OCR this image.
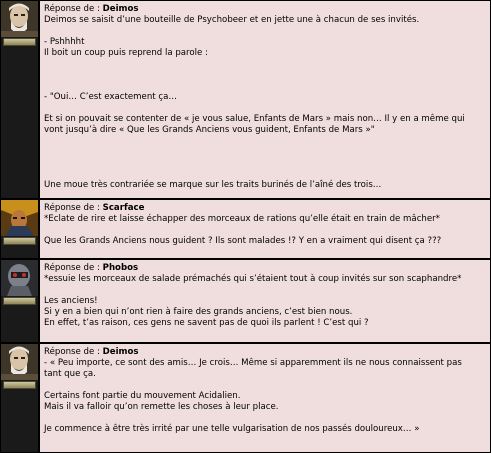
Réponse de : Deimos
Deimos se saisit d’une bouteille de Psychobeer et en jette une à chacun de ses invités.
- Pshhhht
Il boit un coup puis reprend la parole :
- "Oui… C’est exactement ça…
Et si on pouvait se contenter de « je vous salue, Enfants de Mars » mais non… Il y en a même qui
vont jusqu’à dire « Que les Grands Anciens vous guident, Enfants de Mars »"
Une moue très contrariée se marque sur les traits burinés de l’aîné des trois…
Réponse de : Scarface
*Eclate de rire et laisse échapper des morceaux de rations qu’elle était en train de mâcher*
Que les Grands Anciens nous guident ? Ils sont malades !? Y en a vraiment qui disent ça ???
Réponse de : Phobos
*essuie les morceaux de salade prémachés qui s’étaient tout à coup invités sur son scaphandre*
Les anciens!
Si y en a bien qui n’ont rien à faire des grands anciens, c’est bien nous.
En effet, t’as raison, ces gens ne savent pas de quoi ils parlent ! C’est qui ?
Réponse de : Deimos
- « Peu importe, ce sont des amis… Je crois… Même si apparemment ils ne nous connaissent pas
tant que ça.
Certains font partie du mouvement Acidalien.
Mais il va falloir qu’on remette les choses à leur place.
Je commence à être très irrité par une telle vulgarisation de nos passés douloureux… »
